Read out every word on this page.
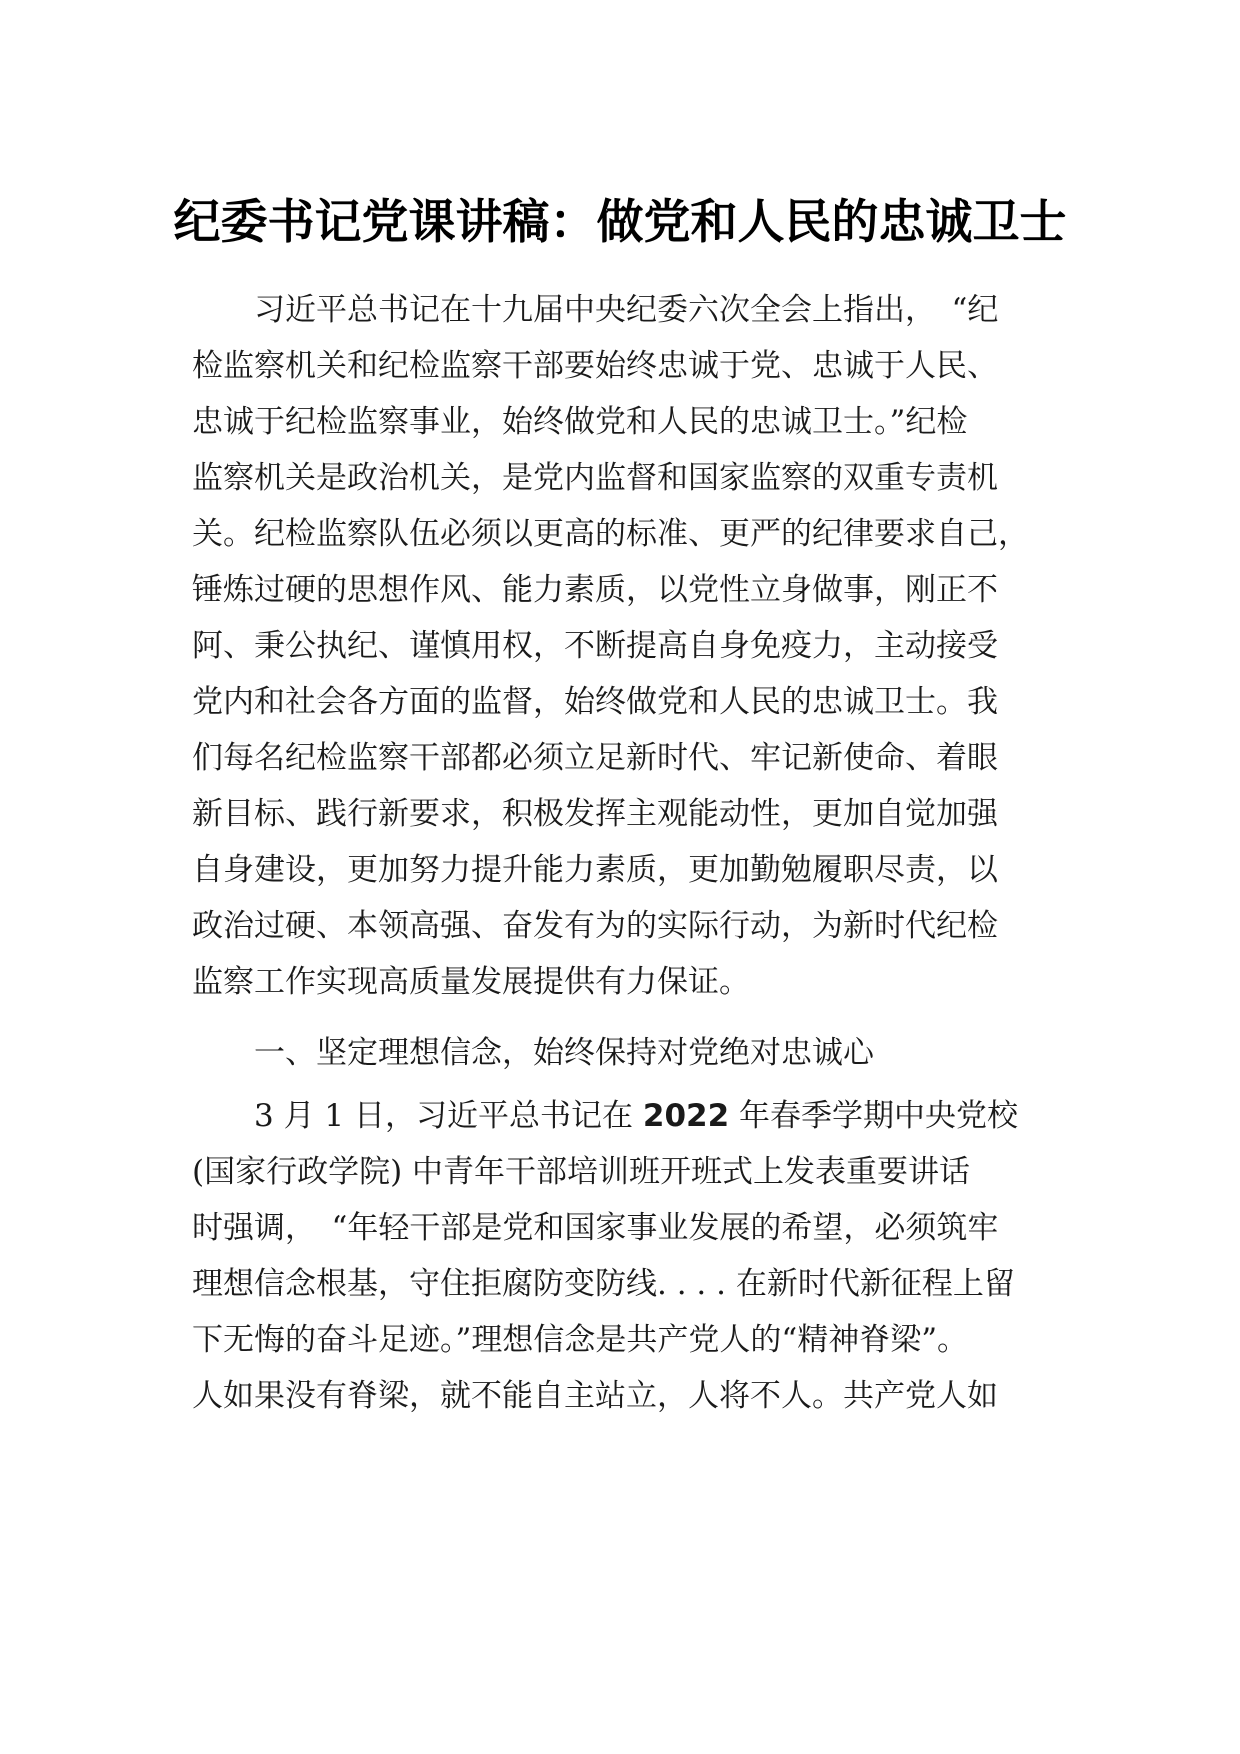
纪委书记党课讲稿：做党和人民的忠诚卫士
　　习近平总书记在十九届中央纪委六次全会上指出，　“纪
检监察机关和纪检监察干部要始终忠诚于党、忠诚于人民、
忠诚于纪检监察事业，始终做党和人民的忠诚卫士。”纪检
监察机关是政治机关，是党内监督和国家监察的双重专责机
关。纪检监察队伍必须以更高的标准、更严的纪律要求自己，
锤炼过硬的思想作风、能力素质，以党性立身做事，刚正不
阿、秉公执纪、谨慎用权，不断提高自身免疫力，主动接受
党内和社会各方面的监督，始终做党和人民的忠诚卫士。我
们每名纪检监察干部都必须立足新时代、牢记新使命、着眼
新目标、践行新要求，积极发挥主观能动性，更加自觉加强
自身建设，更加努力提升能力素质，更加勤勉履职尽责，以
政治过硬、本领高强、奋发有为的实际行动，为新时代纪检
监察工作实现高质量发展提供有力保证。
　　一、坚定理想信念，始终保持对党绝对忠诚心
　　3 月 1 日，习近平总书记在 2022 年春季学期中央党校
(国家行政学院) 中青年干部培训班开班式上发表重要讲话
时强调，　“年轻干部是党和国家事业发展的希望，必须筑牢
理想信念根基，守住拒腐防变防线. . . . 在新时代新征程上留
下无悔的奋斗足迹。”理想信念是共产党人的“精神脊梁”。
人如果没有脊梁，就不能自主站立，人将不人。共产党人如
